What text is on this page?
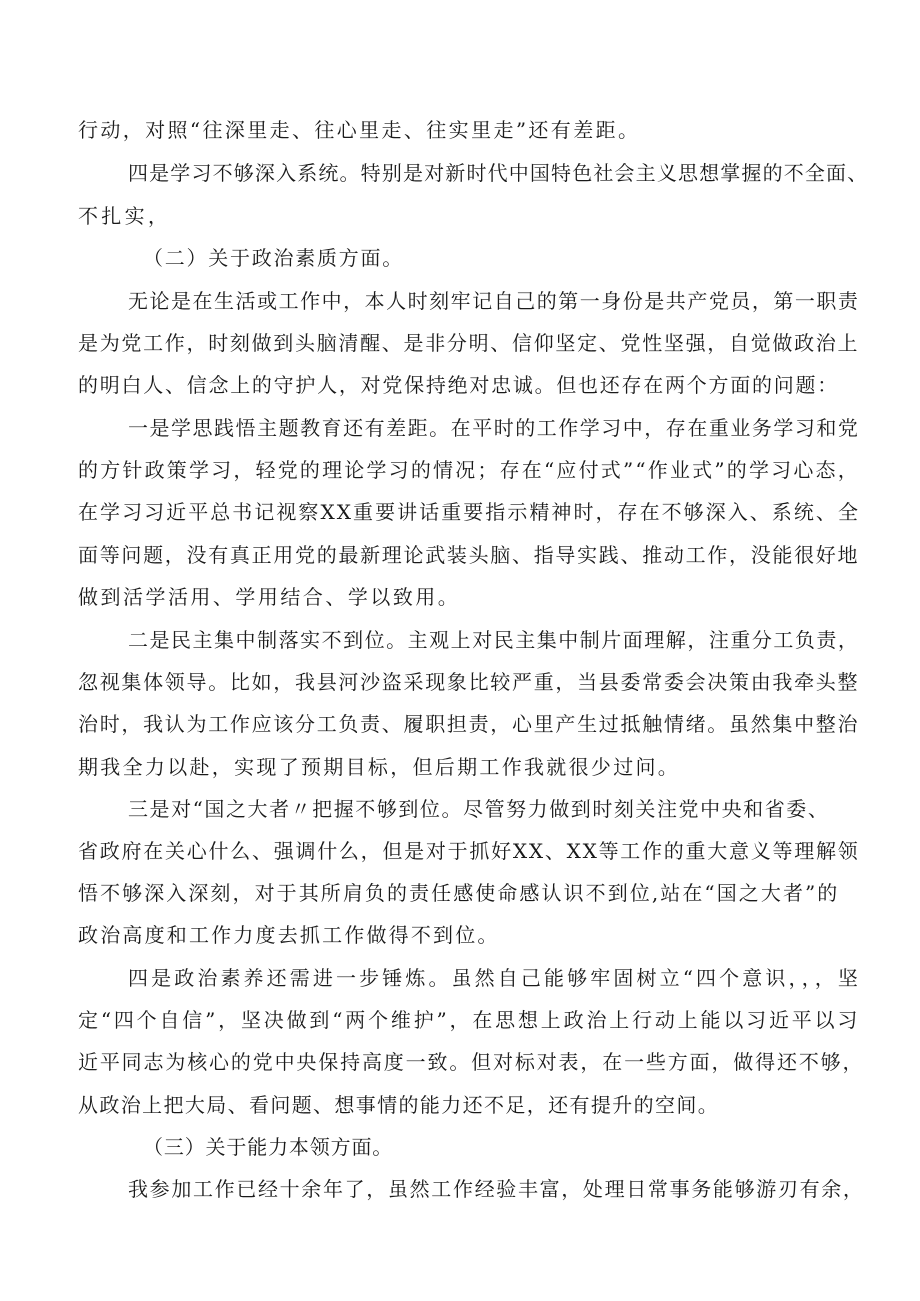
行动，对照“往深里走、往心里走、往实里走”还有差距。

四是学习不够深入系统。特别是对新时代中国特色社会主义思想掌握的不全面、

不扎实，

（二）关于政治素质方面。

无论是在生活或工作中，本人时刻牢记自己的第一身份是共产党员，第一职责

是为党工作，时刻做到头脑清醒、是非分明、信仰坚定、党性坚强，自觉做政治上

的明白人、信念上的守护人，对党保持绝对忠诚。但也还存在两个方面的问题：

一是学思践悟主题教育还有差距。在平时的工作学习中，存在重业务学习和党

的方针政策学习，轻党的理论学习的情况；存在“应付式”“作业式”的学习心态，

在学习习近平总书记视察XX重要讲话重要指示精神时，存在不够深入、系统、全

面等问题，没有真正用党的最新理论武装头脑、指导实践、推动工作，没能很好地

做到活学活用、学用结合、学以致用。

二是民主集中制落实不到位。主观上对民主集中制片面理解，注重分工负责，

忽视集体领导。比如，我县河沙盗采现象比较严重，当县委常委会决策由我牵头整

治时，我认为工作应该分工负责、履职担责，心里产生过抵触情绪。虽然集中整治

期我全力以赴，实现了预期目标，但后期工作我就很少过问。

三是对“国之大者〃把握不够到位。尽管努力做到时刻关注党中央和省委、

省政府在关心什么、强调什么，但是对于抓好XX、XX等工作的重大意义等理解领

悟不够深入深刻，对于其所肩负的责任感使命感认识不到位,站在“国之大者”的

政治高度和工作力度去抓工作做得不到位。

四是政治素养还需进一步锤炼。虽然自己能够牢固树立“四个意识，，，坚

定“四个自信”，坚决做到“两个维护”，在思想上政治上行动上能以习近平以习

近平同志为核心的党中央保持高度一致。但对标对表，在一些方面，做得还不够，

从政治上把大局、看问题、想事情的能力还不足，还有提升的空间。

（三）关于能力本领方面。

我参加工作已经十余年了，虽然工作经验丰富，处理日常事务能够游刃有余，
